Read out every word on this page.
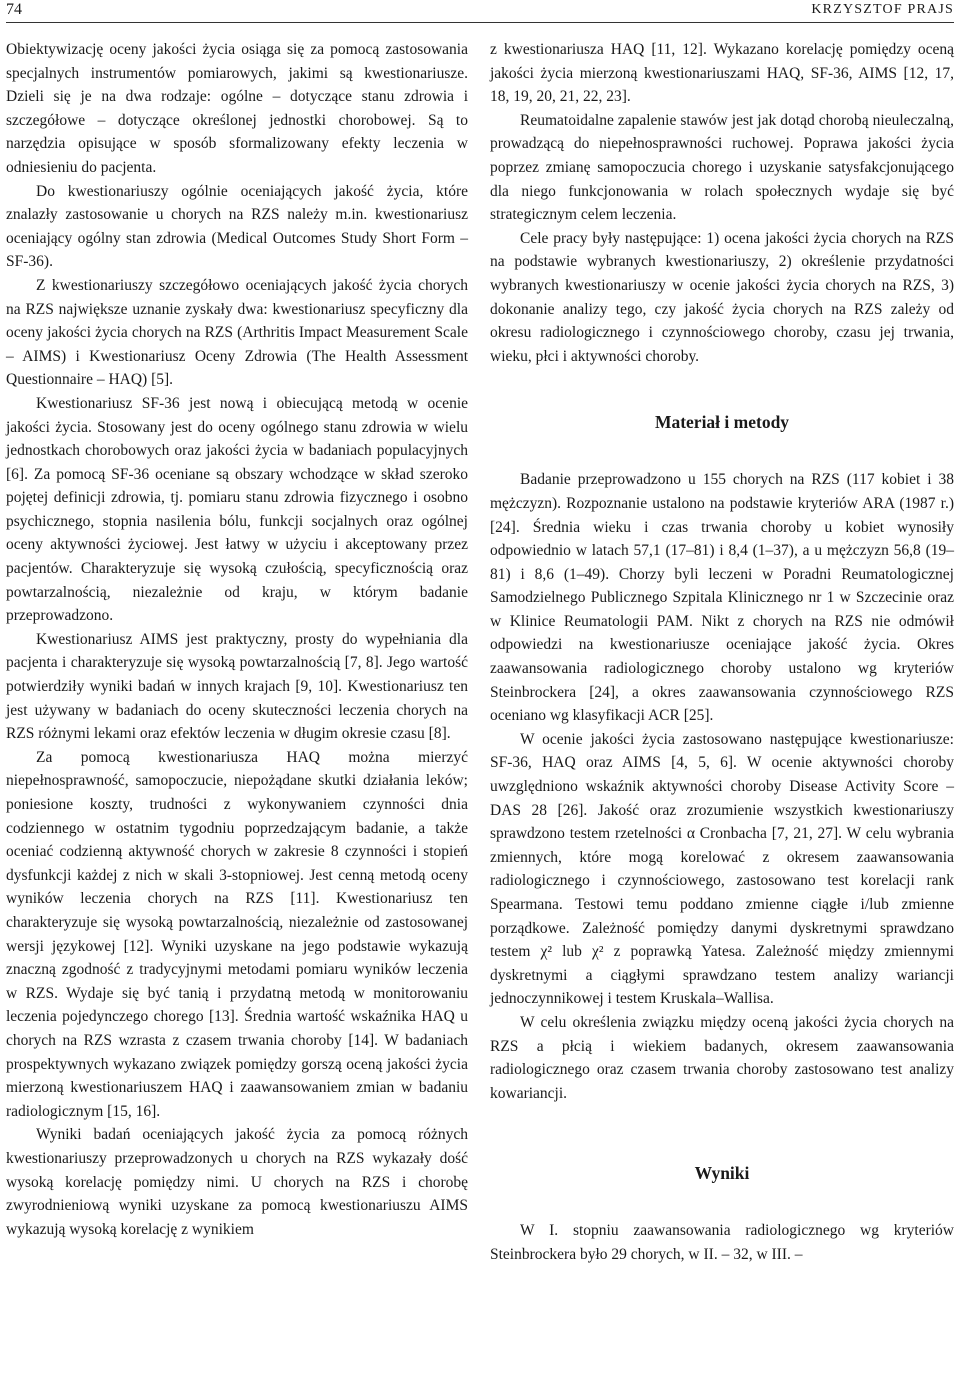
74	KRZYSZTOF PRAJS

Obiektywizację oceny jakości życia osiąga się za pomocą zastosowania specjalnych instrumentów pomiarowych, jakimi są kwestionariusze. Dzieli się je na dwa rodzaje: ogólne – dotyczące stanu zdrowia i szczegółowe – dotyczące określonej jednostki chorobowej. Są to narzędzia opisujące w sposób sformalizowany efekty leczenia w odniesieniu do pacjenta.

Do kwestionariuszy ogólnie oceniających jakość życia, które znalazły zastosowanie u chorych na RZS należy m.in. kwestionariusz oceniający ogólny stan zdrowia (Medical Outcomes Study Short Form – SF-36).

Z kwestionariuszy szczegółowo oceniających jakość życia chorych na RZS największe uznanie zyskały dwa: kwestionariusz specyficzny dla oceny jakości życia chorych na RZS (Arthritis Impact Measurement Scale – AIMS) i Kwestionariusz Oceny Zdrowia (The Health Assessment Questionnaire – HAQ) [5].

Kwestionariusz SF-36 jest nową i obiecującą metodą w ocenie jakości życia. Stosowany jest do oceny ogólnego stanu zdrowia w wielu jednostkach chorobowych oraz jakości życia w badaniach populacyjnych [6]. Za pomocą SF-36 oceniane są obszary wchodzące w skład szeroko pojętej definicji zdrowia, tj. pomiaru stanu zdrowia fizycznego i osobno psychicznego, stopnia nasilenia bólu, funkcji socjalnych oraz ogólnej oceny aktywności życiowej. Jest łatwy w użyciu i akceptowany przez pacjentów. Charakteryzuje się wysoką czułością, specyficznością oraz powtarzalnością, niezależnie od kraju, w którym badanie przeprowadzono.

Kwestionariusz AIMS jest praktyczny, prosty do wypełniania dla pacjenta i charakteryzuje się wysoką powtarzalnością [7, 8]. Jego wartość potwierdziły wyniki badań w innych krajach [9, 10]. Kwestionariusz ten jest używany w badaniach do oceny skuteczności leczenia chorych na RZS różnymi lekami oraz efektów leczenia w długim okresie czasu [8].

Za pomocą kwestionariusza HAQ można mierzyć niepełnosprawność, samopoczucie, niepożądane skutki działania leków; poniesione koszty, trudności z wykonywaniem czynności dnia codziennego w ostatnim tygodniu poprzedzającym badanie, a także oceniać codzienną aktywność chorych w zakresie 8 czynności i stopień dysfunkcji każdej z nich w skali 3-stopniowej. Jest cenną metodą oceny wyników leczenia chorych na RZS [11]. Kwestionariusz ten charakteryzuje się wysoką powtarzalnością, niezależnie od zastosowanej wersji językowej [12]. Wyniki uzyskane na jego podstawie wykazują znaczną zgodność z tradycyjnymi metodami pomiaru wyników leczenia w RZS. Wydaje się być tanią i przydatną metodą w monitorowaniu leczenia pojedynczego chorego [13]. Średnia wartość wskaźnika HAQ u chorych na RZS wzrasta z czasem trwania choroby [14]. W badaniach prospektywnych wykazano związek pomiędzy gorszą oceną jakości życia mierzoną kwestionariuszem HAQ i zaawansowaniem zmian w badaniu radiologicznym [15, 16].

Wyniki badań oceniających jakość życia za pomocą różnych kwestionariuszy przeprowadzonych u chorych na RZS wykazały dość wysoką korelację pomiędzy nimi. U chorych na RZS i chorobę zwyrodnieniową wyniki uzyskane za pomocą kwestionariuszu AIMS wykazują wysoką korelację z wynikiem

z kwestionariusza HAQ [11, 12]. Wykazano korelację pomiędzy oceną jakości życia mierzoną kwestionariuszami HAQ, SF-36, AIMS [12, 17, 18, 19, 20, 21, 22, 23].

Reumatoidalne zapalenie stawów jest jak dotąd chorobą nieuleczalną, prowadzącą do niepełnosprawności ruchowej. Poprawa jakości życia poprzez zmianę samopoczucia chorego i uzyskanie satysfakcjonującego dla niego funkcjonowania w rolach społecznych wydaje się być strategicznym celem leczenia.

Cele pracy były następujące: 1) ocena jakości życia chorych na RZS na podstawie wybranych kwestionariuszy, 2) określenie przydatności wybranych kwestionariuszy w ocenie jakości życia chorych na RZS, 3) dokonanie analizy tego, czy jakość życia chorych na RZS zależy od okresu radiologicznego i czynnościowego choroby, czasu jej trwania, wieku, płci i aktywności choroby.

Materiał i metody

Badanie przeprowadzono u 155 chorych na RZS (117 kobiet i 38 mężczyzn). Rozpoznanie ustalono na podstawie kryteriów ARA (1987 r.) [24]. Średnia wieku i czas trwania choroby u kobiet wynosiły odpowiednio w latach 57,1 (17–81) i 8,4 (1–37), a u mężczyzn 56,8 (19–81) i 8,6 (1–49). Chorzy byli leczeni w Poradni Reumatologicznej Samodzielnego Publicznego Szpitala Klinicznego nr 1 w Szczecinie oraz w Klinice Reumatologii PAM. Nikt z chorych na RZS nie odmówił odpowiedzi na kwestionariusze oceniające jakość życia. Okres zaawansowania radiologicznego choroby ustalono wg kryteriów Steinbrockera [24], a okres zaawansowania czynnościowego RZS oceniano wg klasyfikacji ACR [25].

W ocenie jakości życia zastosowano następujące kwestionariusze: SF-36, HAQ oraz AIMS [4, 5, 6]. W ocenie aktywności choroby uwzględniono wskaźnik aktywności choroby Disease Activity Score – DAS 28 [26]. Jakość oraz zrozumienie wszystkich kwestionariuszy sprawdzono testem rzetelności α Cronbacha [7, 21, 27]. W celu wybrania zmiennych, które mogą korelować z okresem zaawansowania radiologicznego i czynnościowego, zastosowano test korelacji rank Spearmana. Testowi temu poddano zmienne ciągłe i/lub zmienne porządkowe. Zależność pomiędzy danymi dyskretnymi sprawdzano testem χ² lub χ² z poprawką Yatesa. Zależność między zmiennymi dyskretnymi a ciągłymi sprawdzano testem analizy wariancji jednoczynnikowej i testem Kruskala–Wallisa.

W celu określenia związku między oceną jakości życia chorych na RZS a płcią i wiekiem badanych, okresem zaawansowania radiologicznego oraz czasem trwania choroby zastosowano test analizy kowariancji.

Wyniki

W I. stopniu zaawansowania radiologicznego wg kryteriów Steinbrockera było 29 chorych, w II. – 32, w III. –
